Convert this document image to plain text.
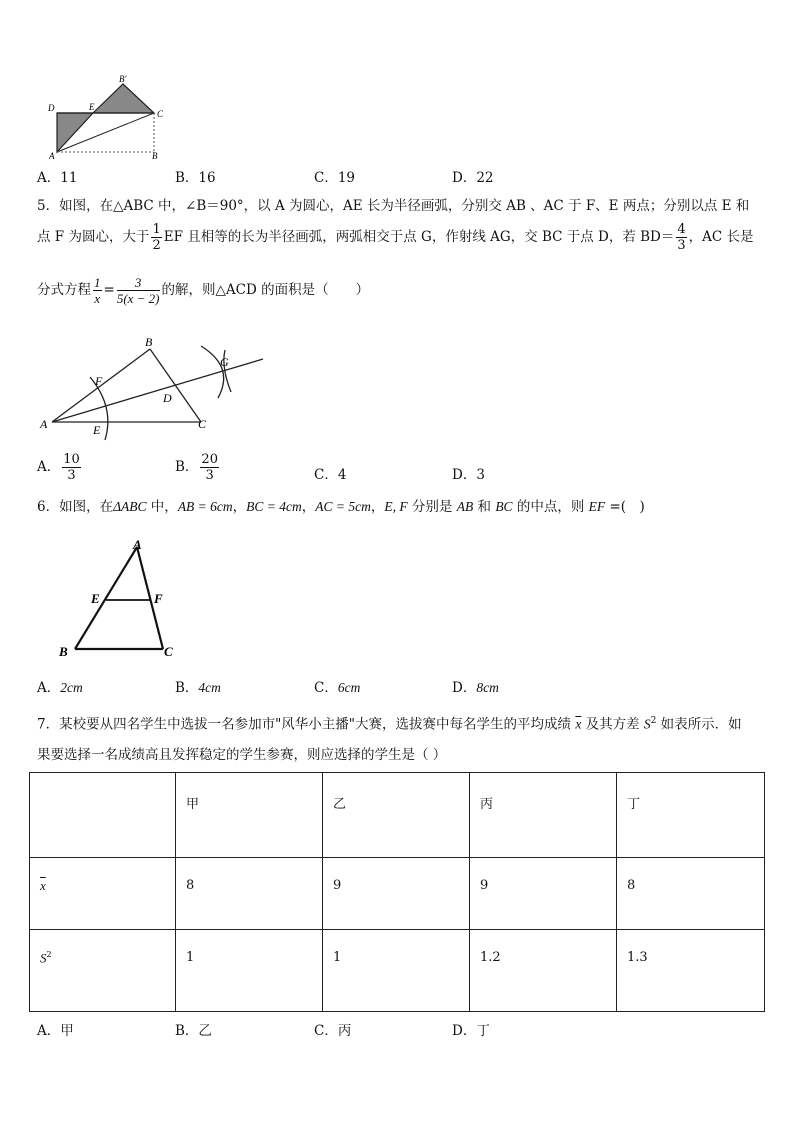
B'
D	E
C
A	B
A．11	B．16	C．19	D．22
5．如图，在△ABC 中，∠B＝90°，以 A 为圆心，AE 长为半径画弧，分别交 AB 、AC 于 F、E 两点；分别以点 E 和
点 F 为圆心，大于 $\frac{1}{2}$ EF 且相等的长为半径画弧，两弧相交于点 G，作射线 AG，交 BC 于点 D，若 $BD= \frac{4}{3}$ ，AC 长是
分式方程 $\frac{1}{x} = \frac{3}{5(x - 2)}$ 的解，则△ACD 的面积是（　　）
B
F
G
D
A	E	C
A． $\frac{10}{3}$	B． $\frac{20}{3}$	C．4	D．3
6．如图，在ΔABC 中，AB = 6cm，BC = 4cm，AC = 5cm，E, F 分别是 AB 和 BC 的中点，则 EF =(　)
A
E	F
B	C
A．2cm	B．4cm	C．6cm	D．8cm
7．某校要从四名学生中选拔一名参加市"风华小主播"大赛，选拔赛中每名学生的平均成绩 $\overline{x}$ 及其方差 $S^2$ 如表所示．如
果要选择一名成绩高且发挥稳定的学生参赛，则应选择的学生是（ ）
	甲	乙	丙	丁
$\overline{x}$	8	9	9	8
$S^2$	1	1	1.2	1.3
A．甲	B．乙	C．丙	D．丁
